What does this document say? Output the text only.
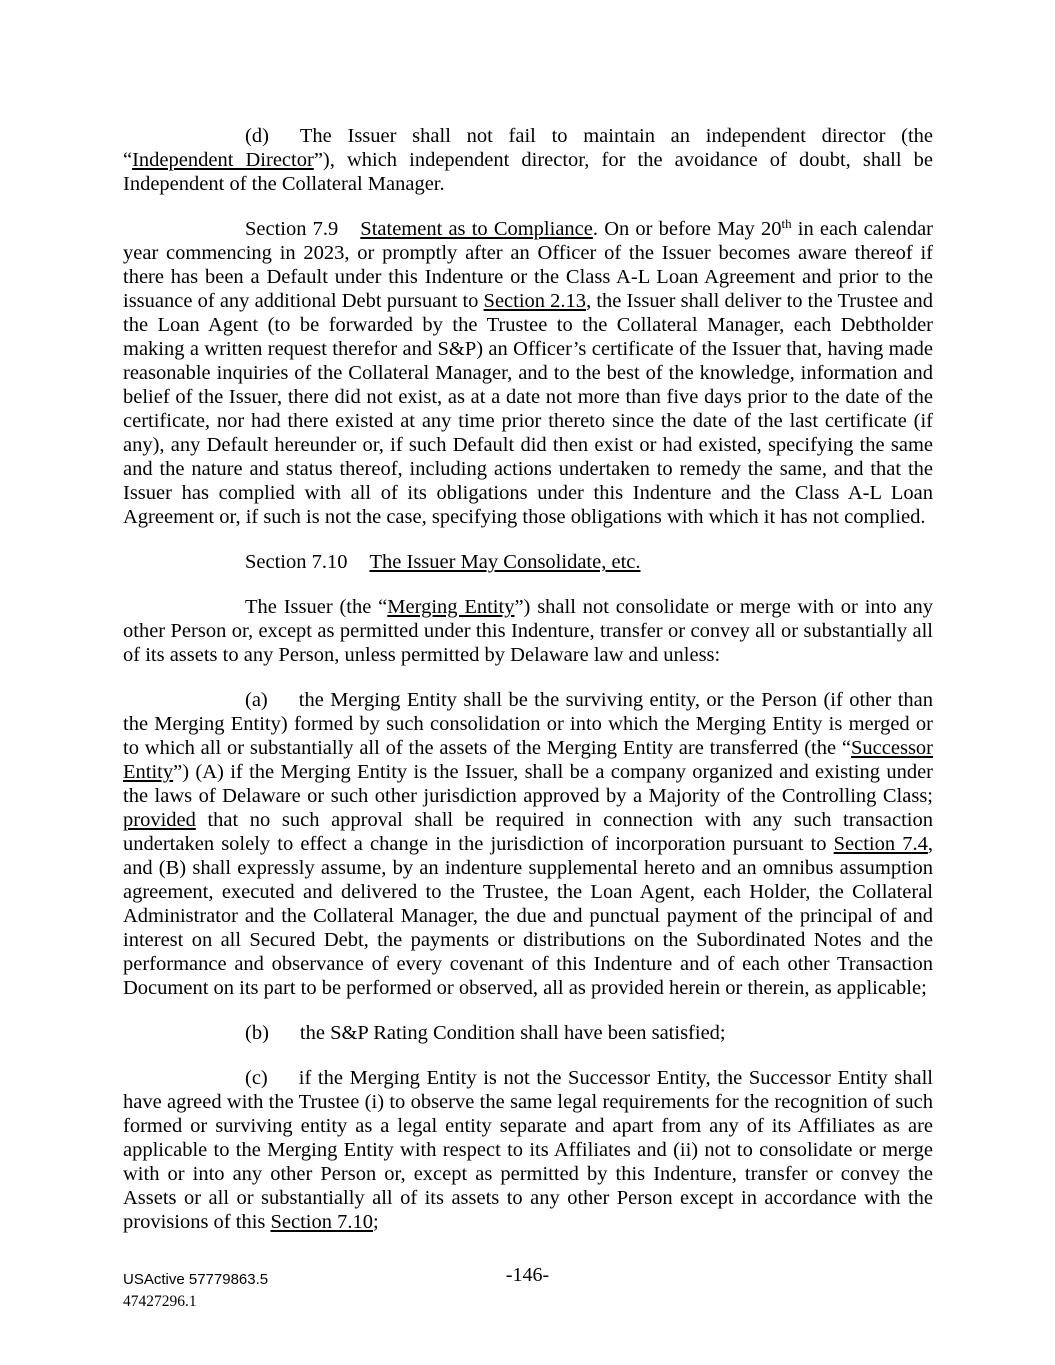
(d) The Issuer shall not fail to maintain an independent director (the “Independent Director”), which independent director, for the avoidance of doubt, shall be Independent of the Collateral Manager.

Section 7.9 Statement as to Compliance. On or before May 20th in each calendar year commencing in 2023, or promptly after an Officer of the Issuer becomes aware thereof if there has been a Default under this Indenture or the Class A-L Loan Agreement and prior to the issuance of any additional Debt pursuant to Section 2.13, the Issuer shall deliver to the Trustee and the Loan Agent (to be forwarded by the Trustee to the Collateral Manager, each Debtholder making a written request therefor and S&P) an Officer’s certificate of the Issuer that, having made reasonable inquiries of the Collateral Manager, and to the best of the knowledge, information and belief of the Issuer, there did not exist, as at a date not more than five days prior to the date of the certificate, nor had there existed at any time prior thereto since the date of the last certificate (if any), any Default hereunder or, if such Default did then exist or had existed, specifying the same and the nature and status thereof, including actions undertaken to remedy the same, and that the Issuer has complied with all of its obligations under this Indenture and the Class A-L Loan Agreement or, if such is not the case, specifying those obligations with which it has not complied.

Section 7.10 The Issuer May Consolidate, etc.

The Issuer (the “Merging Entity”) shall not consolidate or merge with or into any other Person or, except as permitted under this Indenture, transfer or convey all or substantially all of its assets to any Person, unless permitted by Delaware law and unless:

(a) the Merging Entity shall be the surviving entity, or the Person (if other than the Merging Entity) formed by such consolidation or into which the Merging Entity is merged or to which all or substantially all of the assets of the Merging Entity are transferred (the “Successor Entity”) (A) if the Merging Entity is the Issuer, shall be a company organized and existing under the laws of Delaware or such other jurisdiction approved by a Majority of the Controlling Class; provided that no such approval shall be required in connection with any such transaction undertaken solely to effect a change in the jurisdiction of incorporation pursuant to Section 7.4, and (B) shall expressly assume, by an indenture supplemental hereto and an omnibus assumption agreement, executed and delivered to the Trustee, the Loan Agent, each Holder, the Collateral Administrator and the Collateral Manager, the due and punctual payment of the principal of and interest on all Secured Debt, the payments or distributions on the Subordinated Notes and the performance and observance of every covenant of this Indenture and of each other Transaction Document on its part to be performed or observed, all as provided herein or therein, as applicable;

(b) the S&P Rating Condition shall have been satisfied;

(c) if the Merging Entity is not the Successor Entity, the Successor Entity shall have agreed with the Trustee (i) to observe the same legal requirements for the recognition of such formed or surviving entity as a legal entity separate and apart from any of its Affiliates as are applicable to the Merging Entity with respect to its Affiliates and (ii) not to consolidate or merge with or into any other Person or, except as permitted by this Indenture, transfer or convey the Assets or all or substantially all of its assets to any other Person except in accordance with the provisions of this Section 7.10;

-146-
USActive 57779863.5
47427296.1
